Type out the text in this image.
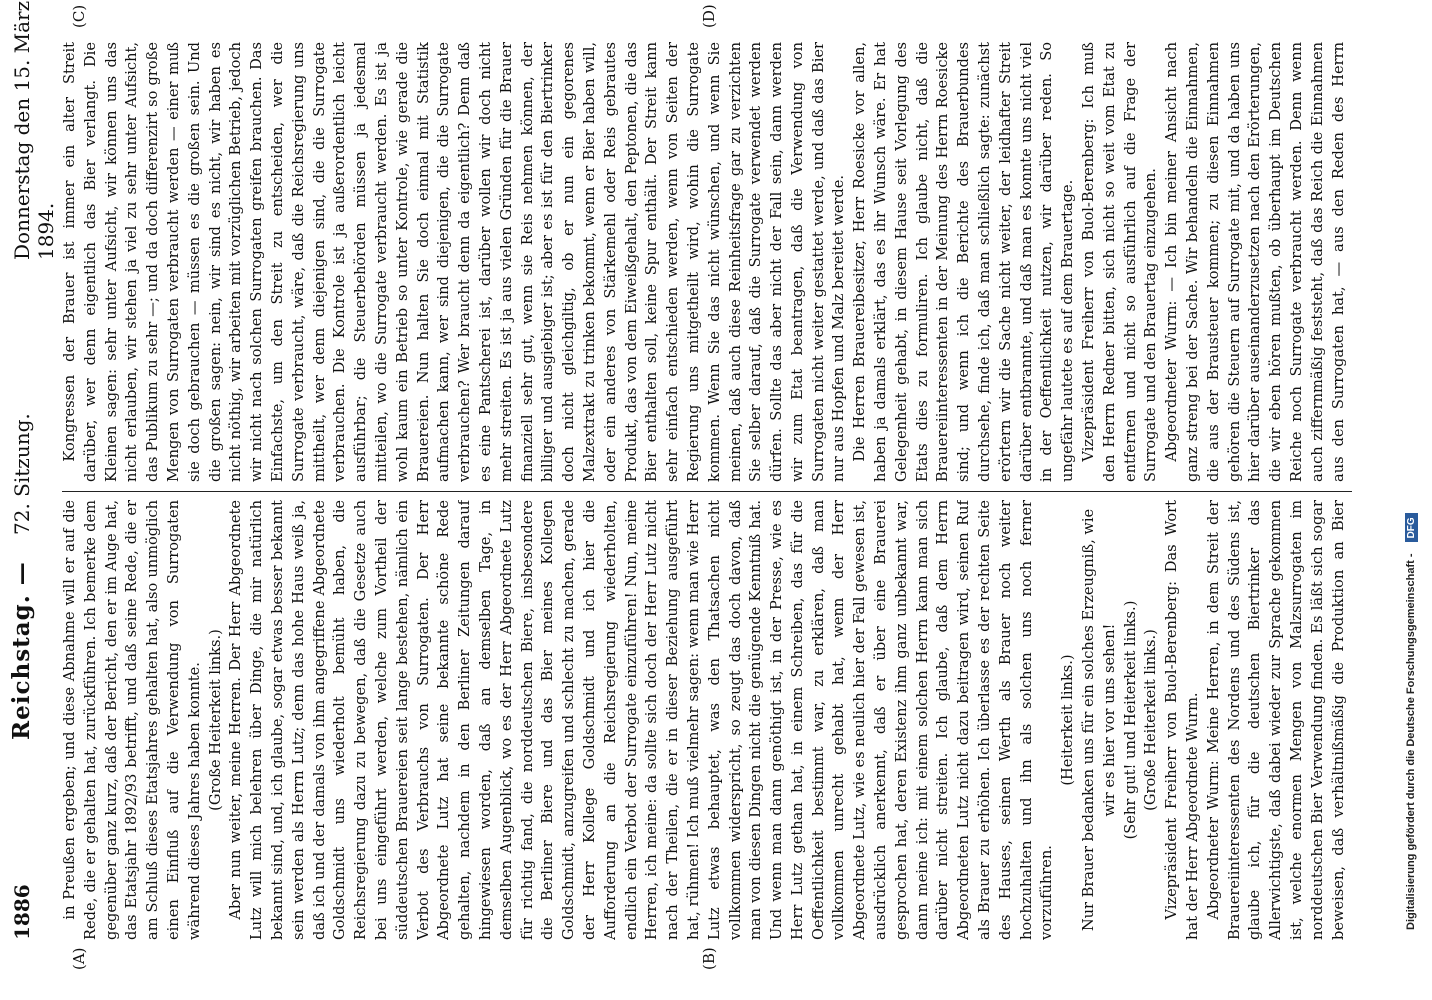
1886
Reichstag. —
72. Sitzung.
Donnerstag den 15. März 1894.
(A)	(B)
(C)	(D)

in Preußen ergeben; und diese Abnahme will er auf die Rede, die er gehalten hat, zurückführen. Ich bemerke dem gegenüber ganz kurz, daß der Bericht, den er im Auge hat, das Etatsjahr 1892/93 betrifft, und daß seine Rede, die er am Schluß dieses Etatsjahres gehalten hat, also unmöglich einen Einfluß auf die Verwendung von Surrogaten während dieses Jahres haben konnte. (Große Heiterkeit links.) Aber nun weiter, meine Herren. Der Herr Abgeordnete Lutz will mich belehren über Dinge, die mir natürlich bekannt sind, und, ich glaube, sogar etwas besser bekannt sein werden als Herrn Lutz; denn das hohe Haus weiß ja, daß ich und der damals von ihm angegriffene Abgeordnete Goldschmidt uns wiederholt bemüht haben, die Reichsregierung dazu zu bewegen, daß die Gesetze auch bei uns eingeführt werden, welche zum Vortheil der süddeutschen Brauereien seit lange bestehen, nämlich ein Verbot des Verbrauchs von Surrogaten. Der Herr Abgeordnete Lutz hat seine bekannte schöne Rede gehalten, nachdem in den Berliner Zeitungen darauf hingewiesen worden, daß an demselben Tage, in demselben Augenblick, wo es der Herr Abgeordnete Lutz für richtig fand, die norddeutschen Biere, insbesondere die Berliner Biere und das Bier meines Kollegen Goldschmidt, anzugreifen und schlecht zu machen, gerade der Herr Kollege Goldschmidt und ich hier die Aufforderung an die Reichsregierung wiederholten, endlich ein Verbot der Surrogate einzuführen! Nun, meine Herren, ich meine: da sollte sich doch der Herr Lutz nicht nach der Theilen, die er in dieser Beziehung ausgeführt hat, rühmen! Ich muß vielmehr sagen: wenn man wie Herr Lutz etwas behauptet, was den Thatsachen nicht vollkommen widerspricht, so zeugt das doch davon, daß man von diesen Dingen nicht die genügende Kenntniß hat. Und wenn man dann genöthigt ist, in der Presse, wie es Herr Lutz gethan hat, in einem Schreiben, das für die Oeffentlichkeit bestimmt war, zu erklären, daß man vollkommen unrecht gehabt hat, wenn der Herr Abgeordnete Lutz, wie es neulich hier der Fall gewesen ist, ausdrücklich anerkennt, daß er über eine Brauerei gesprochen hat, deren Existenz ihm ganz unbekannt war, dann meine ich: mit einem solchen Herrn kann man sich darüber nicht streiten. Ich glaube, daß dem Herrn Abgeordneten Lutz nicht dazu beitragen wird, seinen Ruf als Brauer zu erhöhen. Ich überlasse es der rechten Seite des Hauses, seinen Werth als Brauer noch weiter hochzuhalten und ihn als solchen uns noch ferner vorzuführen.

(Heiterkeit links.) Nur Brauer bedanken uns für ein solches Erzeugniß, wie wir es hier vor uns sehen! (Sehr gut! und Heiterkeit links.) (Große Heiterkeit links.) Vizepräsident Freiherr von Buol-Berenberg: Das Wort hat der Herr Abgeordnete Wurm. Abgeordneter Wurm: Meine Herren, in dem Streit der Brauereiinteressenten des Nordens und des Südens ist, glaube ich, für die deutschen Biertrinker das Allerwichtigste, daß dabei wieder zur Sprache gekommen ist, welche enormen Mengen von Malzsurrogaten im norddeutschen Bier Verwendung finden. Es läßt sich sogar beweisen, daß verhältnißmäßig die Produktion an Bier

Kongressen der Brauer ist immer ein alter Streit darüber, wer denn eigentlich das Bier verlangt. Die Kleinen sagen: sehr unter Aufsicht, wir können uns das nicht erlauben, wir stehen ja viel zu sehr unter Aufsicht, das Publikum zu sehr —; und da doch differenzirt so große Mengen von Surrogaten verbraucht werden — einer muß sie doch gebrauchen — müssen es die großen sein. Und die großen sagen: nein, wir sind es nicht, wir haben es nicht nöthig, wir arbeiten mit vorzüglichen Betrieb, jedoch wir nicht nach solchen Surrogaten greifen brauchen. Das Einfachste, um den Streit zu entscheiden, wer die Surrogate verbraucht, wäre, daß die Reichsregierung uns mittheilt, wer denn diejenigen sind, die die Surrogate verbrauchen. Die Kontrole ist ja außerordentlich leicht ausführbar; die Steuerbehörden müssen ja jedesmal mitteilen, wo die Surrogate verbraucht werden. Es ist ja wohl kaum ein Betrieb so unter Kontrole, wie gerade die Brauereien. Nun halten Sie doch einmal mit Statistik aufmachen kann, wer sind diejenigen, die die Surrogate verbrauchen? Wer braucht denn da eigentlich? Denn daß es eine Pantscherei ist, darüber wollen wir doch nicht mehr streiten. Es ist ja aus vielen Gründen für die Brauer finanziell sehr gut, wenn sie Reis nehmen können, der billiger und ausgiebiger ist; aber es ist für den Biertrinker doch nicht gleichgiltig, ob er nun ein gegorenes Malzextrakt zu trinken bekommt, wenn er Bier haben will, oder ein anderes von Stärkemehl oder Reis gebrautes Produkt, das von dem Eiweißgehalt, den Peptonen, die das Bier enthalten soll, keine Spur enthält. Der Streit kann sehr einfach entschieden werden, wenn von Seiten der Regierung uns mitgetheilt wird, wohin die Surrogate kommen. Wenn Sie das nicht wünschen, und wenn Sie meinen, daß auch diese Reinheitsfrage gar zu verzichten Sie selber darauf, daß die Surrogate verwendet werden dürfen. Sollte das aber nicht der Fall sein, dann werden wir zum Etat beantragen, daß die Verwendung von Surrogaten nicht weiter gestattet werde, und daß das Bier nur aus Hopfen und Malz bereitet werde. Die Herren Brauereibesitzer, Herr Roesicke vor allen, haben ja damals erklärt, das es ihr Wunsch wäre. Er hat Gelegenheit gehabt, in diesem Hause seit Vorlegung des Etats dies zu formuliren. Ich glaube nicht, daß die Brauereiinteressenten in der Meinung des Herrn Roesicke sind; und wenn ich die Berichte des Brauerbundes durchsehe, finde ich, daß man schließlich sagte: zunächst erörtern wir die Sache nicht weiter, der leidhafter Streit darüber entbrannte, und daß man es konnte uns nicht viel in der Oeffentlichkeit nutzen, wir darüber reden. So ungefähr lautete es auf dem Brauertage. Vizepräsident Freiherr von Buol-Berenberg: Ich muß den Herrn Redner bitten, sich nicht so weit vom Etat zu entfernen und nicht so ausführlich auf die Frage der Surrogate und den Brauertag einzugehen. Abgeordneter Wurm: — Ich bin meiner Ansicht nach ganz streng bei der Sache. Wir behandeln die Einnahmen, die aus der Brausteuer kommen; zu diesen Einnahmen gehören die Steuern auf Surrogate mit, und da haben uns hier darüber auseinanderzusetzen nach den Erörterungen, die wir eben hören mußten, ob überhaupt im Deutschen Reiche noch Surrogate verbraucht werden. Denn wenn auch ziffernmäßig feststeht, daß das Reich die Einnahmen aus den Surrogaten hat, — aus den Reden des Herrn

Digitalisierung gefördert durch die Deutsche Forschungsgemeinschaft - DFG
